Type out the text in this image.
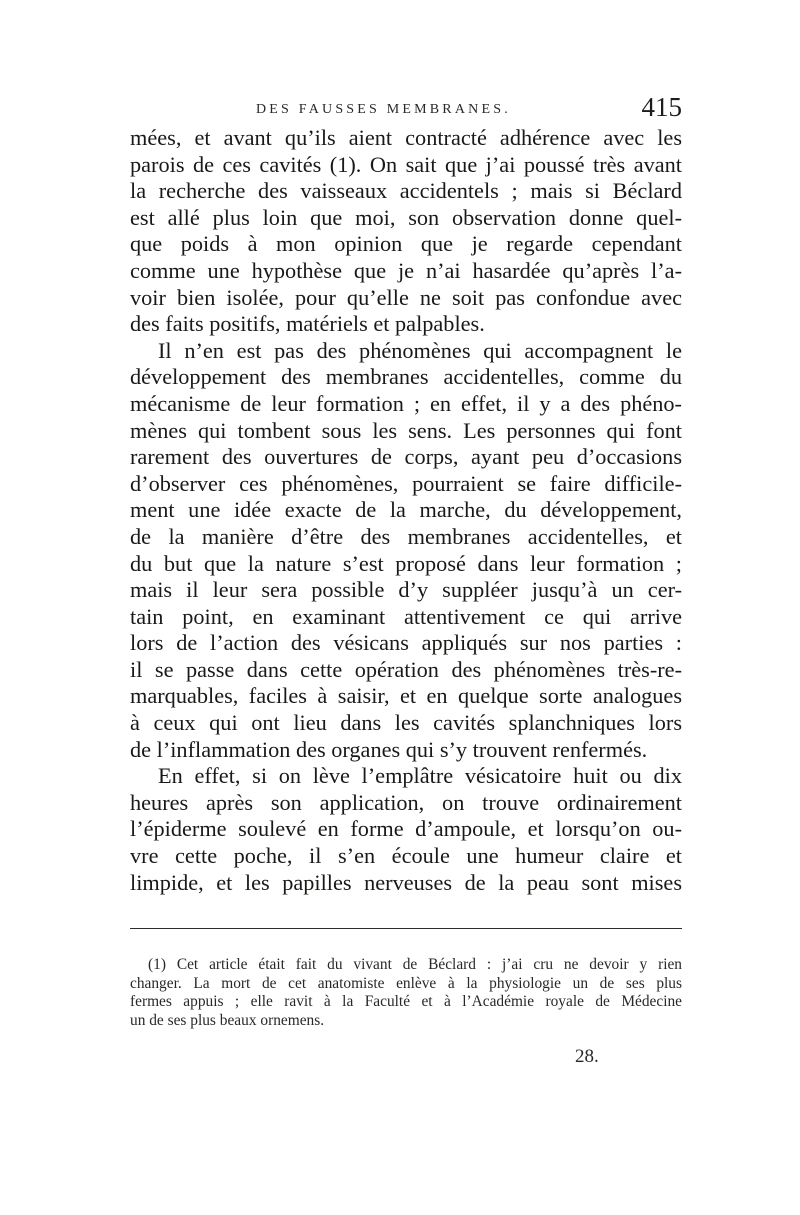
DES FAUSSES MEMBRANES.	415
mées, et avant qu’ils aient contracté adhérence avec les
parois de ces cavités (1). On sait que j’ai poussé très avant
la recherche des vaisseaux accidentels ; mais si Béclard
est allé plus loin que moi, son observation donne quel-
que poids à mon opinion que je regarde cependant
comme une hypothèse que je n’ai hasardée qu’après l’a-
voir bien isolée, pour qu’elle ne soit pas confondue avec
des faits positifs, matériels et palpables.
Il n’en est pas des phénomènes qui accompagnent le
développement des membranes accidentelles, comme du
mécanisme de leur formation ; en effet, il y a des phéno-
mènes qui tombent sous les sens. Les personnes qui font
rarement des ouvertures de corps, ayant peu d’occasions
d’observer ces phénomènes, pourraient se faire difficile-
ment une idée exacte de la marche, du développement,
de la manière d’être des membranes accidentelles, et
du but que la nature s’est proposé dans leur formation ;
mais il leur sera possible d’y suppléer jusqu’à un cer-
tain point, en examinant attentivement ce qui arrive
lors de l’action des vésicans appliqués sur nos parties :
il se passe dans cette opération des phénomènes très-re-
marquables, faciles à saisir, et en quelque sorte analogues
à ceux qui ont lieu dans les cavités splanchniques lors
de l’inflammation des organes qui s’y trouvent renfermés.
En effet, si on lève l’emplâtre vésicatoire huit ou dix
heures après son application, on trouve ordinairement
l’épiderme soulevé en forme d’ampoule, et lorsqu’on ou-
vre cette poche, il s’en écoule une humeur claire et
limpide, et les papilles nerveuses de la peau sont mises
(1) Cet article était fait du vivant de Béclard : j’ai cru ne devoir y rien
changer. La mort de cet anatomiste enlève à la physiologie un de ses plus
fermes appuis ; elle ravit à la Faculté et à l’Académie royale de Médecine
un de ses plus beaux ornemens.
28.
